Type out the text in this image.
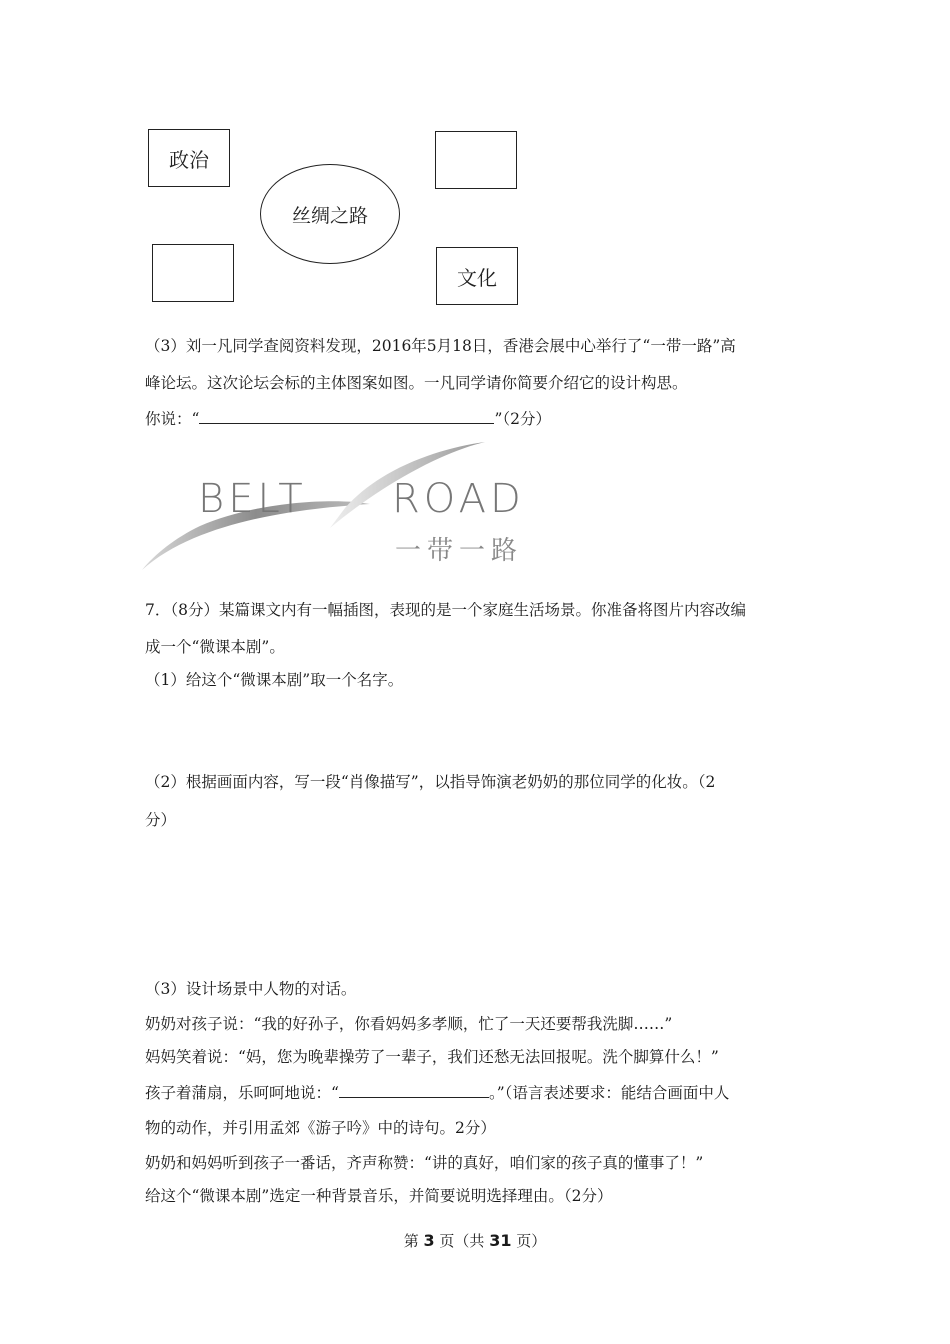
政治
丝绸之路
文化
（3）刘一凡同学查阅资料发现，2016年5月18日，香港会展中心举行了“一带一路”高
峰论坛。这次论坛会标的主体图案如图。一凡同学请你简要介绍它的设计构思。
你说：“	”（2分）
BELT ROAD
一带一路
7．（8分）某篇课文内有一幅插图，表现的是一个家庭生活场景。你准备将图片内容改编
成一个“微课本剧”。
（1）给这个“微课本剧”取一个名字。
（2）根据画面内容，写一段“肖像描写”，以指导饰演老奶奶的那位同学的化妆。（2
分）
（3）设计场景中人物的对话。
奶奶对孩子说：“我的好孙子，你看妈妈多孝顺，忙了一天还要帮我洗脚……”
妈妈笑着说：“妈，您为晚辈操劳了一辈子，我们还愁无法回报呢。洗个脚算什么！”
孩子着蒲扇，乐呵呵地说：“	。”（语言表述要求：能结合画面中人
物的动作，并引用孟郊《游子吟》中的诗句。2分）
奶奶和妈妈听到孩子一番话，齐声称赞：“讲的真好，咱们家的孩子真的懂事了！”
给这个“微课本剧”选定一种背景音乐，并简要说明选择理由。（2分）
第 3 页（共 31 页）
